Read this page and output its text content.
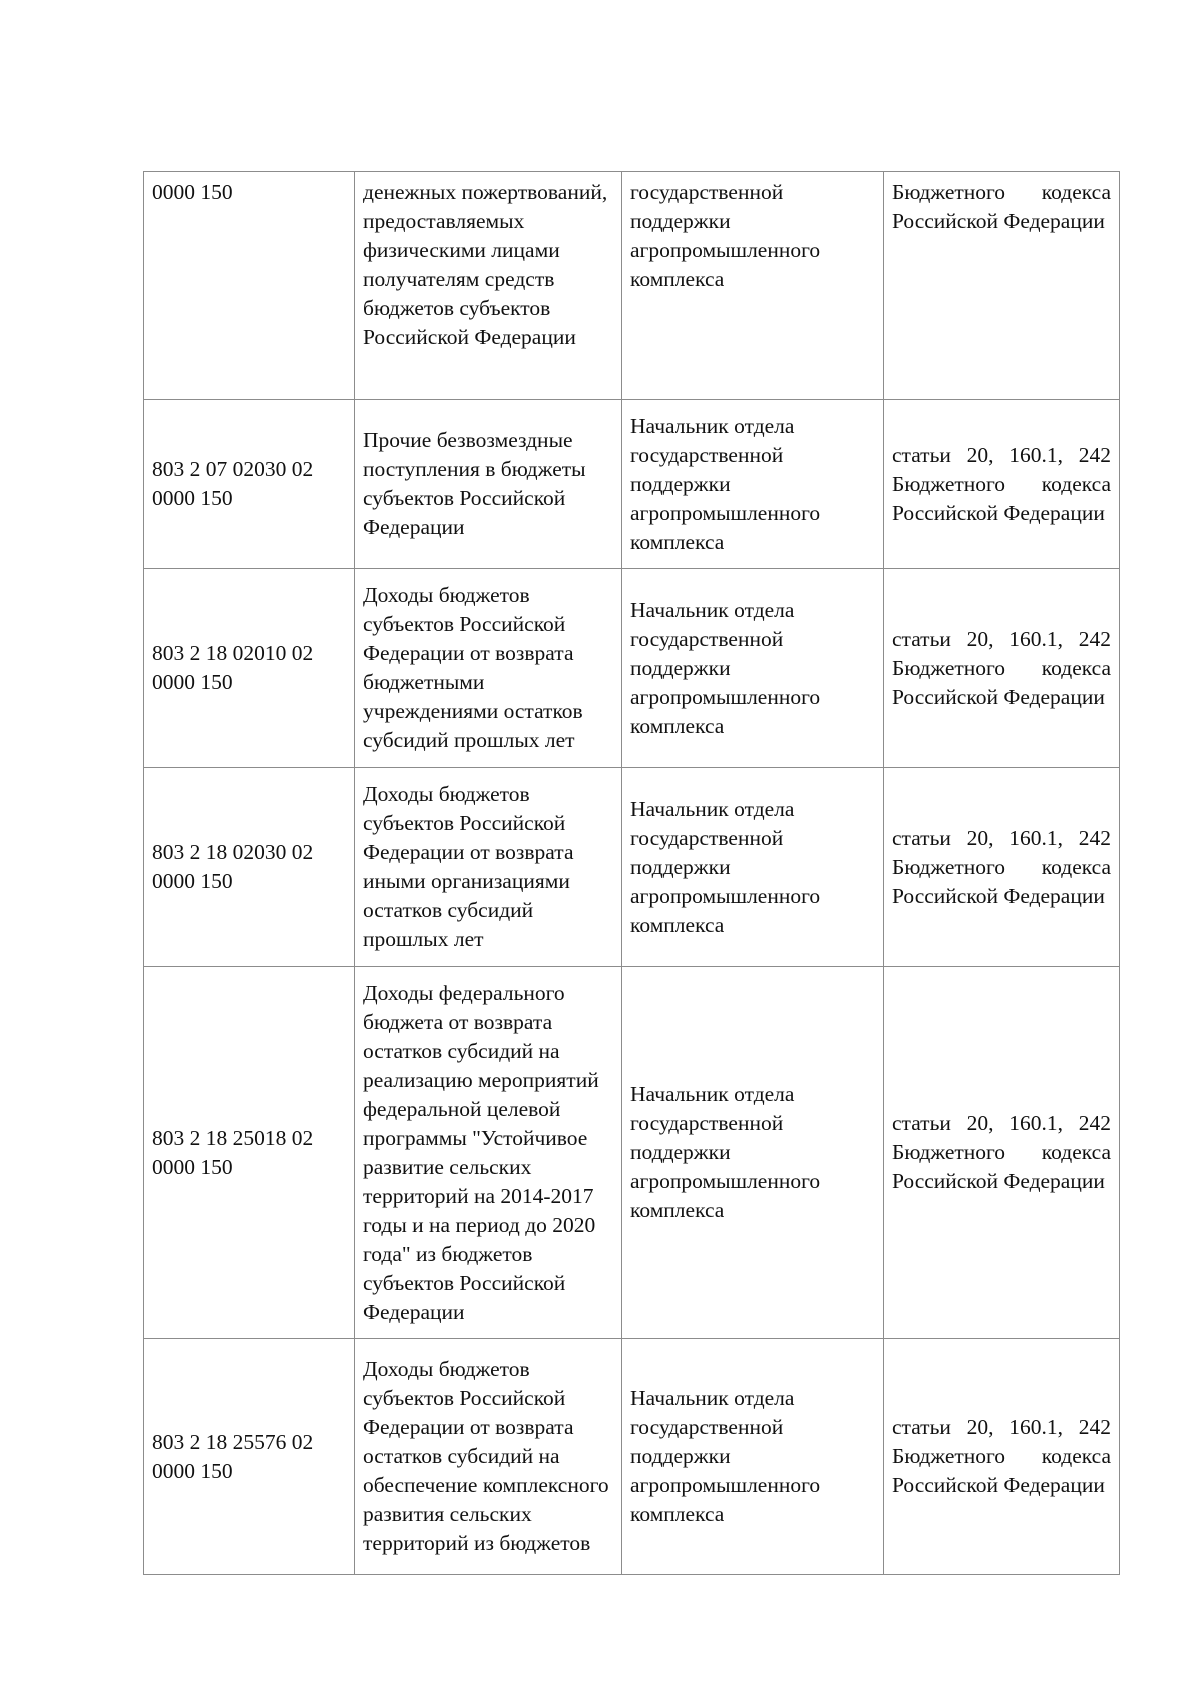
0000 150	денежных пожертвований, предоставляемых физическими лицами получателям средств бюджетов субъектов Российской Федерации	государственной поддержки агропромышленного комплекса	Бюджетного кодекса Российской Федерации

803 2 07 02030 02 0000 150	Прочие безвозмездные поступления в бюджеты субъектов Российской Федерации	Начальник отдела государственной поддержки агропромышленного комплекса	статьи 20, 160.1, 242 Бюджетного кодекса Российской Федерации

803 2 18 02010 02 0000 150	Доходы бюджетов субъектов Российской Федерации от возврата бюджетными учреждениями остатков субсидий прошлых лет	Начальник отдела государственной поддержки агропромышленного комплекса	статьи 20, 160.1, 242 Бюджетного кодекса Российской Федерации

803 2 18 02030 02 0000 150	Доходы бюджетов субъектов Российской Федерации от возврата иными организациями остатков субсидий прошлых лет	Начальник отдела государственной поддержки агропромышленного комплекса	статьи 20, 160.1, 242 Бюджетного кодекса Российской Федерации

803 2 18 25018 02 0000 150	Доходы федерального бюджета от возврата остатков субсидий на реализацию мероприятий федеральной целевой программы "Устойчивое развитие сельских территорий на 2014-2017 годы и на период до 2020 года" из бюджетов субъектов Российской Федерации	Начальник отдела государственной поддержки агропромышленного комплекса	статьи 20, 160.1, 242 Бюджетного кодекса Российской Федерации

803 2 18 25576 02 0000 150	Доходы бюджетов субъектов Российской Федерации от возврата остатков субсидий на обеспечение комплексного развития сельских территорий из бюджетов	Начальник отдела государственной поддержки агропромышленного комплекса	статьи 20, 160.1, 242 Бюджетного кодекса Российской Федерации
